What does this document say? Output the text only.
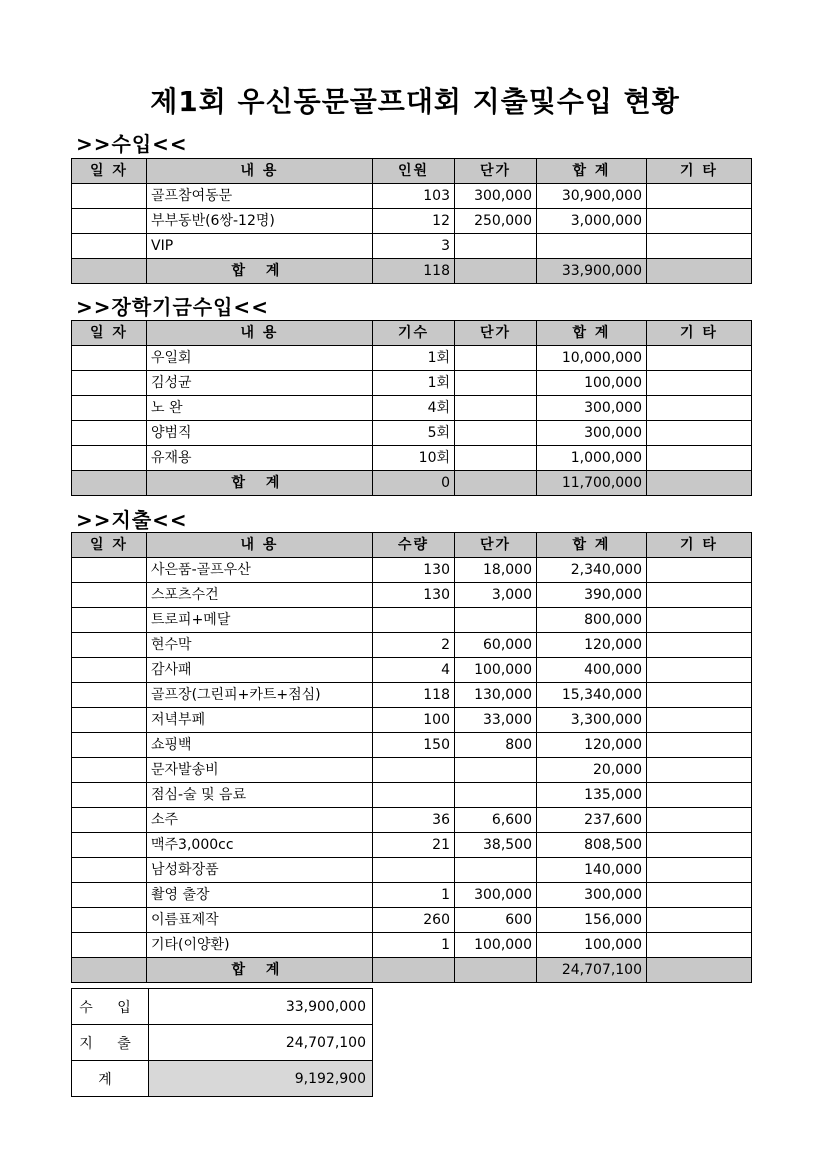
제1회 우신동문골프대회 지출및수입 현황
>>수입<<
일 자	내 용	인원	단가	합 계	기 타
	골프참여동문	103	300,000	30,900,000	
	부부동반(6쌍-12명)	12	250,000	3,000,000	
	VIP	3			
	합 계	118		33,900,000	
>>장학기금수입<<
일 자	내 용	기수	단가	합 계	기 타
	우일회	1회		10,000,000	
	김성균	1회		100,000	
	노 완	4회		300,000	
	양범직	5회		300,000	
	유재용	10회		1,000,000	
	합 계	0		11,700,000	
>>지출<<
일 자	내 용	수량	단가	합 계	기 타
	사은품-골프우산	130	18,000	2,340,000	
	스포츠수건	130	3,000	390,000	
	트로피+메달			800,000	
	현수막	2	60,000	120,000	
	감사패	4	100,000	400,000	
	골프장(그린피+카트+점심)	118	130,000	15,340,000	
	저녁부페	100	33,000	3,300,000	
	쇼핑백	150	800	120,000	
	문자발송비			20,000	
	점심-술 및 음료			135,000	
	소주	36	6,600	237,600	
	맥주3,000cc	21	38,500	808,500	
	남성화장품			140,000	
	촬영 출장	1	300,000	300,000	
	이름표제작	260	600	156,000	
	기타(이양환)	1	100,000	100,000	
	합 계			24,707,100	
수 입	33,900,000
지 출	24,707,100
계	9,192,900
